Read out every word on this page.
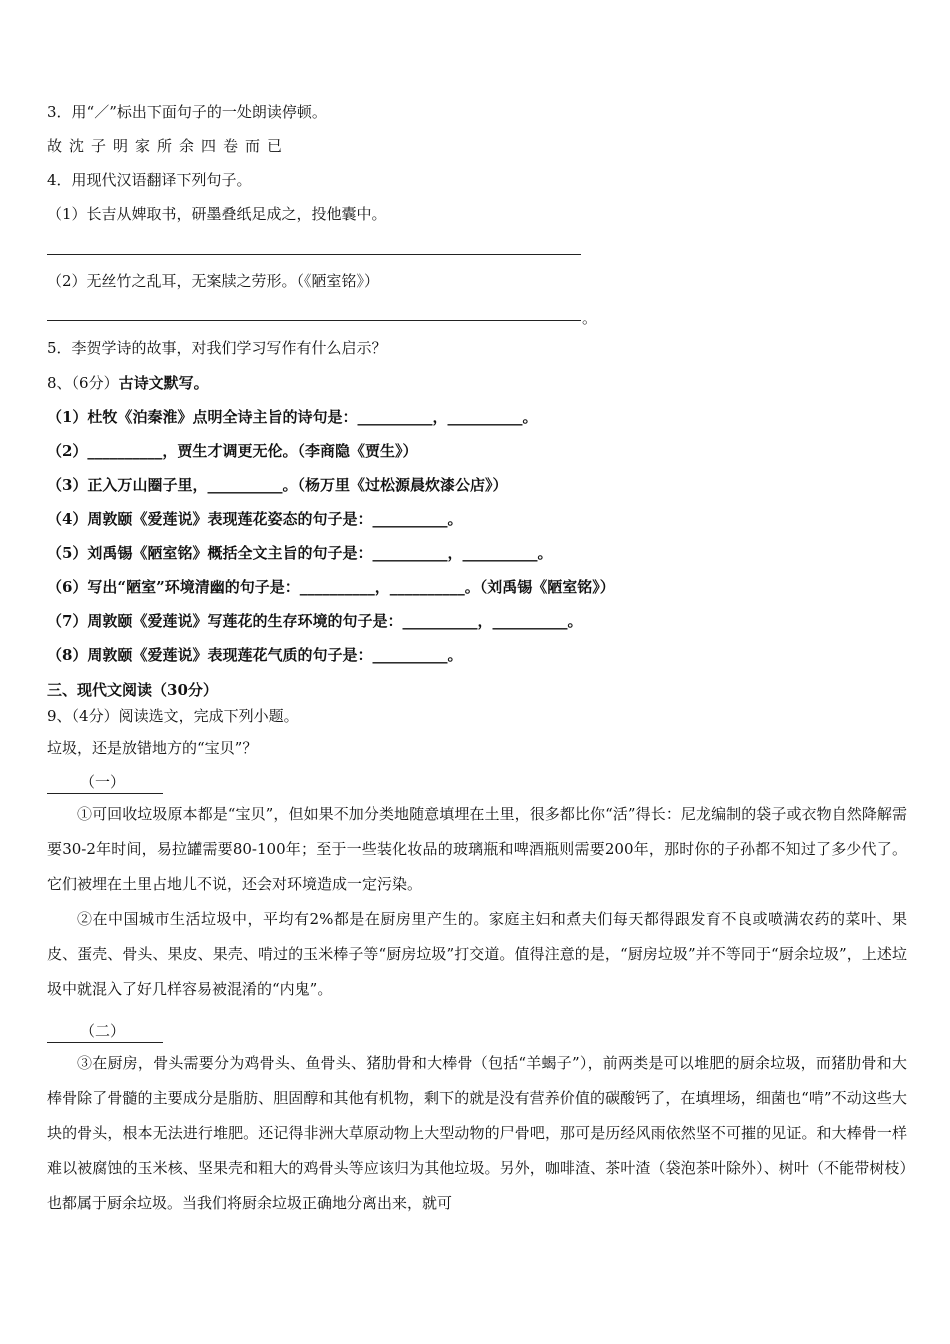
3．用“／”标出下面句子的一处朗读停顿。
故沈子明家所余四卷而已
4．用现代汉语翻译下列句子。
（1）长吉从婢取书，研墨叠纸足成之，投他囊中。
（2）无丝竹之乱耳，无案牍之劳形。（《陋室铭》）
。
5．李贺学诗的故事，对我们学习写作有什么启示？
8、（6分）古诗文默写。
（1）杜牧《泊秦淮》点明全诗主旨的诗句是：__________，__________。
（2）__________，贾生才调更无伦。（李商隐《贾生》）
（3）正入万山圈子里，__________。（杨万里《过松源晨炊漆公店》）
（4）周敦颐《爱莲说》表现莲花姿态的句子是：__________。
（5）刘禹锡《陋室铭》概括全文主旨的句子是：__________，__________。
（6）写出“陋室”环境清幽的句子是：__________，__________。（刘禹锡《陋室铭》）
（7）周敦颐《爱莲说》写莲花的生存环境的句子是：__________，__________。
（8）周敦颐《爱莲说》表现莲花气质的句子是：__________。
三、现代文阅读（30分）
9、（4分）阅读选文，完成下列小题。
垃圾，还是放错地方的“宝贝”？
（一）
①可回收垃圾原本都是“宝贝”，但如果不加分类地随意填埋在土里，很多都比你“活”得长：尼龙编制的袋子或衣物自然降解需要30-2年时间，易拉罐需要80-100年；至于一些装化妆品的玻璃瓶和啤酒瓶则需要200年，那时你的子孙都不知过了多少代了。它们被埋在土里占地儿不说，还会对环境造成一定污染。
②在中国城市生活垃圾中，平均有2%都是在厨房里产生的。家庭主妇和煮夫们每天都得跟发育不良或喷满农药的菜叶、果皮、蛋壳、骨头、果皮、果壳、啃过的玉米棒子等“厨房垃圾”打交道。值得注意的是，“厨房垃圾”并不等同于“厨余垃圾”，上述垃圾中就混入了好几样容易被混淆的“内鬼”。
（二）
③在厨房，骨头需要分为鸡骨头、鱼骨头、猪肋骨和大棒骨（包括“羊蝎子”），前两类是可以堆肥的厨余垃圾，而猪肋骨和大棒骨除了骨髓的主要成分是脂肪、胆固醇和其他有机物，剩下的就是没有营养价值的碳酸钙了，在填埋场，细菌也“啃”不动这些大块的骨头，根本无法进行堆肥。还记得非洲大草原动物上大型动物的尸骨吧，那可是历经风雨依然坚不可摧的见证。和大棒骨一样难以被腐蚀的玉米核、坚果壳和粗大的鸡骨头等应该归为其他垃圾。另外，咖啡渣、茶叶渣（袋泡茶叶除外）、树叶（不能带树枝）也都属于厨余垃圾。当我们将厨余垃圾正确地分离出来，就可
